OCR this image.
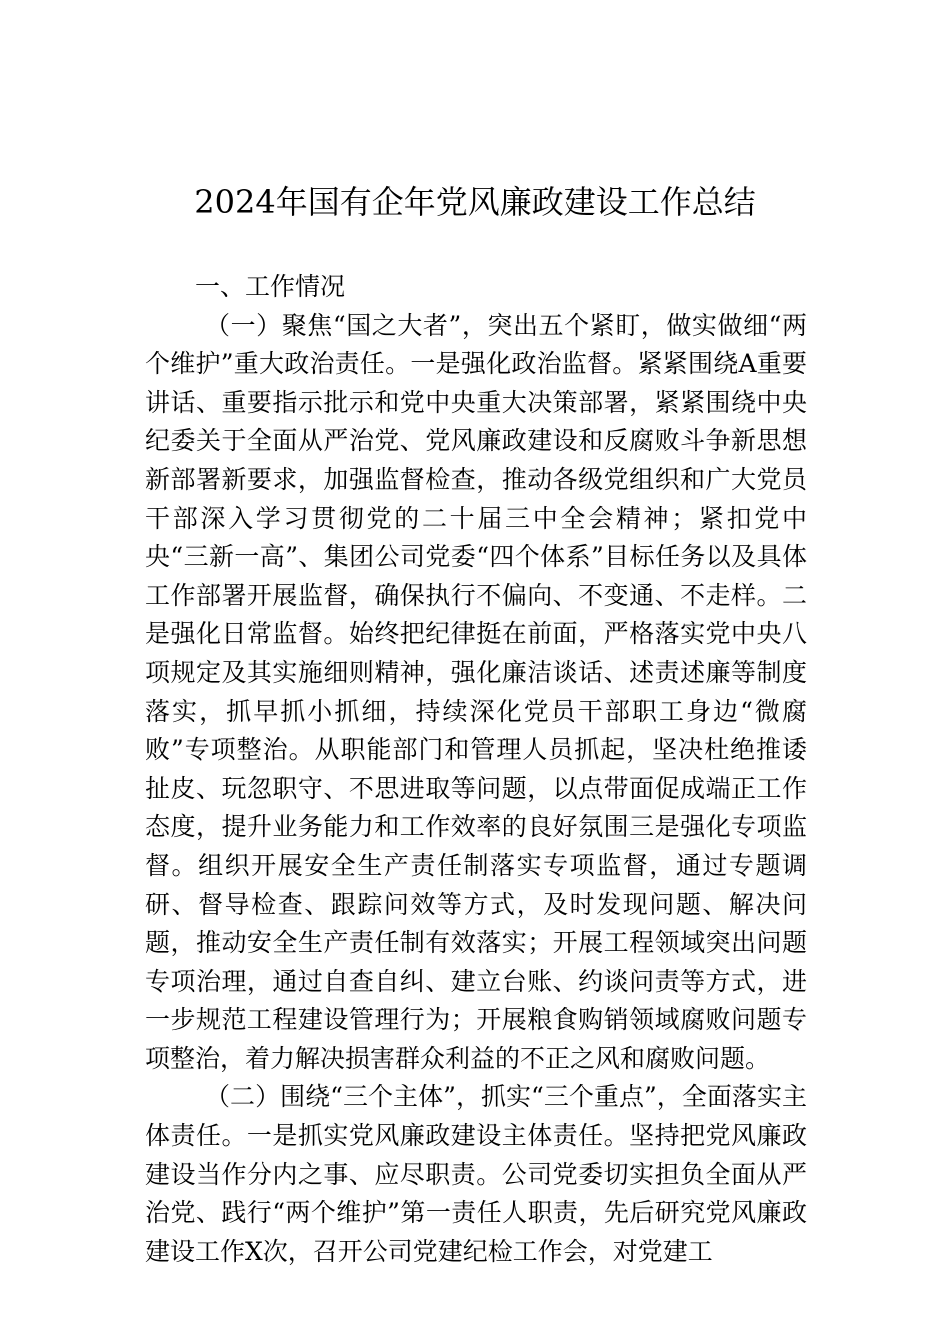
2024年国有企年党风廉政建设工作总结
一、工作情况

（一）聚焦“国之大者”，突出五个紧盯，做实做细“两个维护”重大政治责任。一是强化政治监督。紧紧围绕A重要讲话、重要指示批示和党中央重大决策部署，紧紧围绕中央纪委关于全面从严治党、党风廉政建设和反腐败斗争新思想新部署新要求，加强监督检查，推动各级党组织和广大党员干部深入学习贯彻党的二十届三中全会精神；紧扣党中央“三新一高”、集团公司党委“四个体系”目标任务以及具体工作部署开展监督，确保执行不偏向、不变通、不走样。二是强化日常监督。始终把纪律挺在前面，严格落实党中央八项规定及其实施细则精神，强化廉洁谈话、述责述廉等制度落实，抓早抓小抓细，持续深化党员干部职工身边“微腐败”专项整治。从职能部门和管理人员抓起，坚决杜绝推诿扯皮、玩忽职守、不思进取等问题，以点带面促成端正工作态度，提升业务能力和工作效率的良好氛围三是强化专项监督。组织开展安全生产责任制落实专项监督，通过专题调研、督导检查、跟踪问效等方式，及时发现问题、解决问题，推动安全生产责任制有效落实；开展工程领域突出问题专项治理，通过自查自纠、建立台账、约谈问责等方式，进一步规范工程建设管理行为；开展粮食购销领域腐败问题专项整治，着力解决损害群众利益的不正之风和腐败问题。

（二）围绕“三个主体”，抓实“三个重点”，全面落实主体责任。一是抓实党风廉政建设主体责任。坚持把党风廉政建设当作分内之事、应尽职责。公司党委切实担负全面从严治党、践行“两个维护”第一责任人职责，先后研究党风廉政建设工作X次，召开公司党建纪检工作会，对党建工
